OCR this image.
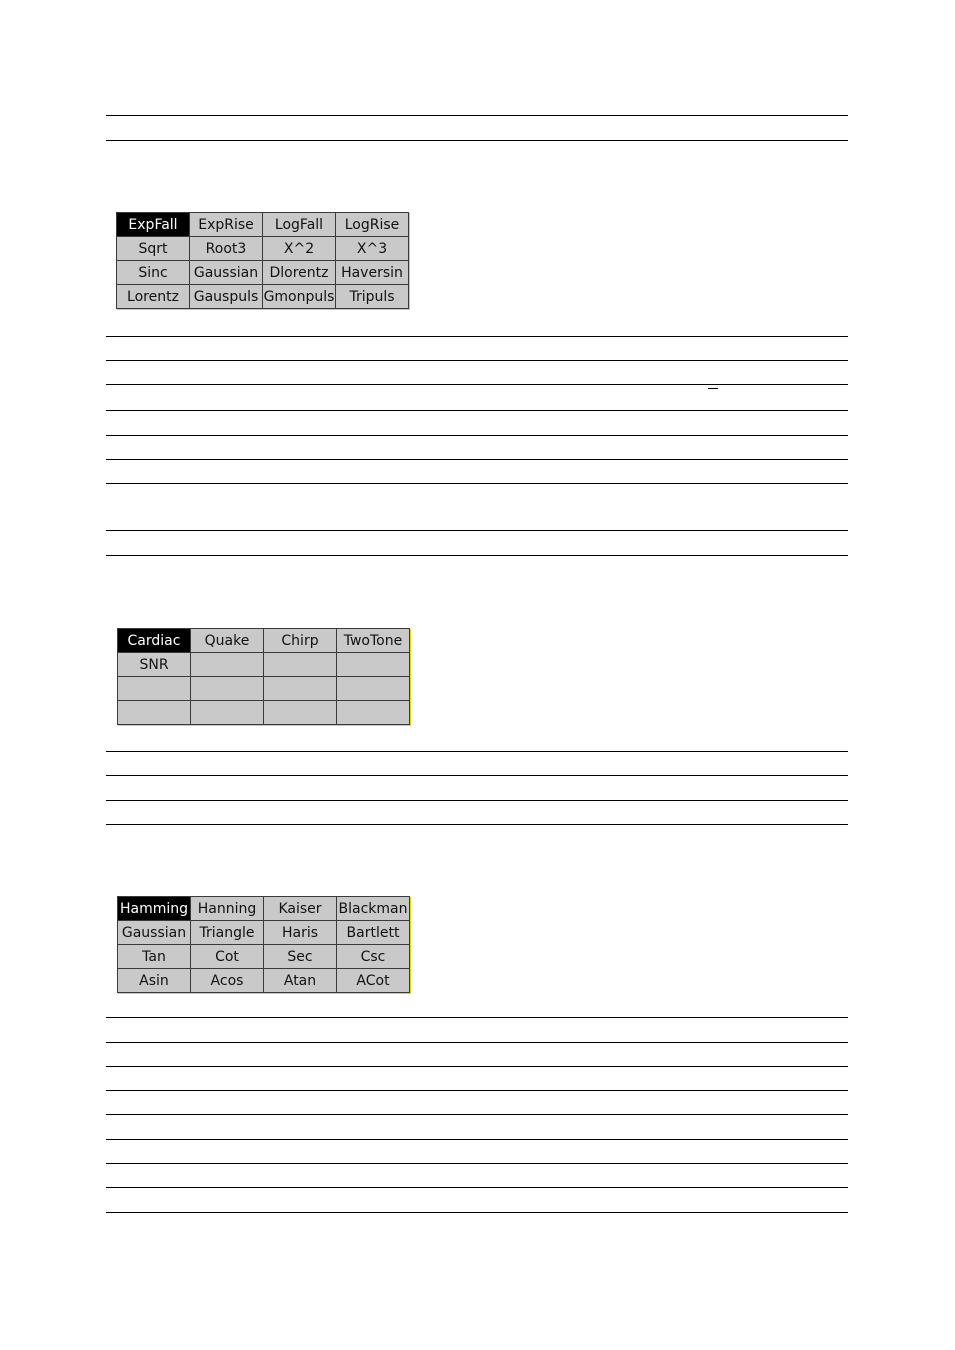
ExpFall	ExpRise	LogFall	LogRise
Sqrt	Root3	X^2	X^3
Sinc	Gaussian	Dlorentz	Haversin
Lorentz	Gauspuls	Gmonpuls	Tripuls
Cardiac	Quake	Chirp	TwoTone
SNR			

Hamming	Hanning	Kaiser	Blackman
Gaussian	Triangle	Haris	Bartlett
Tan	Cot	Sec	Csc
Asin	Acos	Atan	ACot
